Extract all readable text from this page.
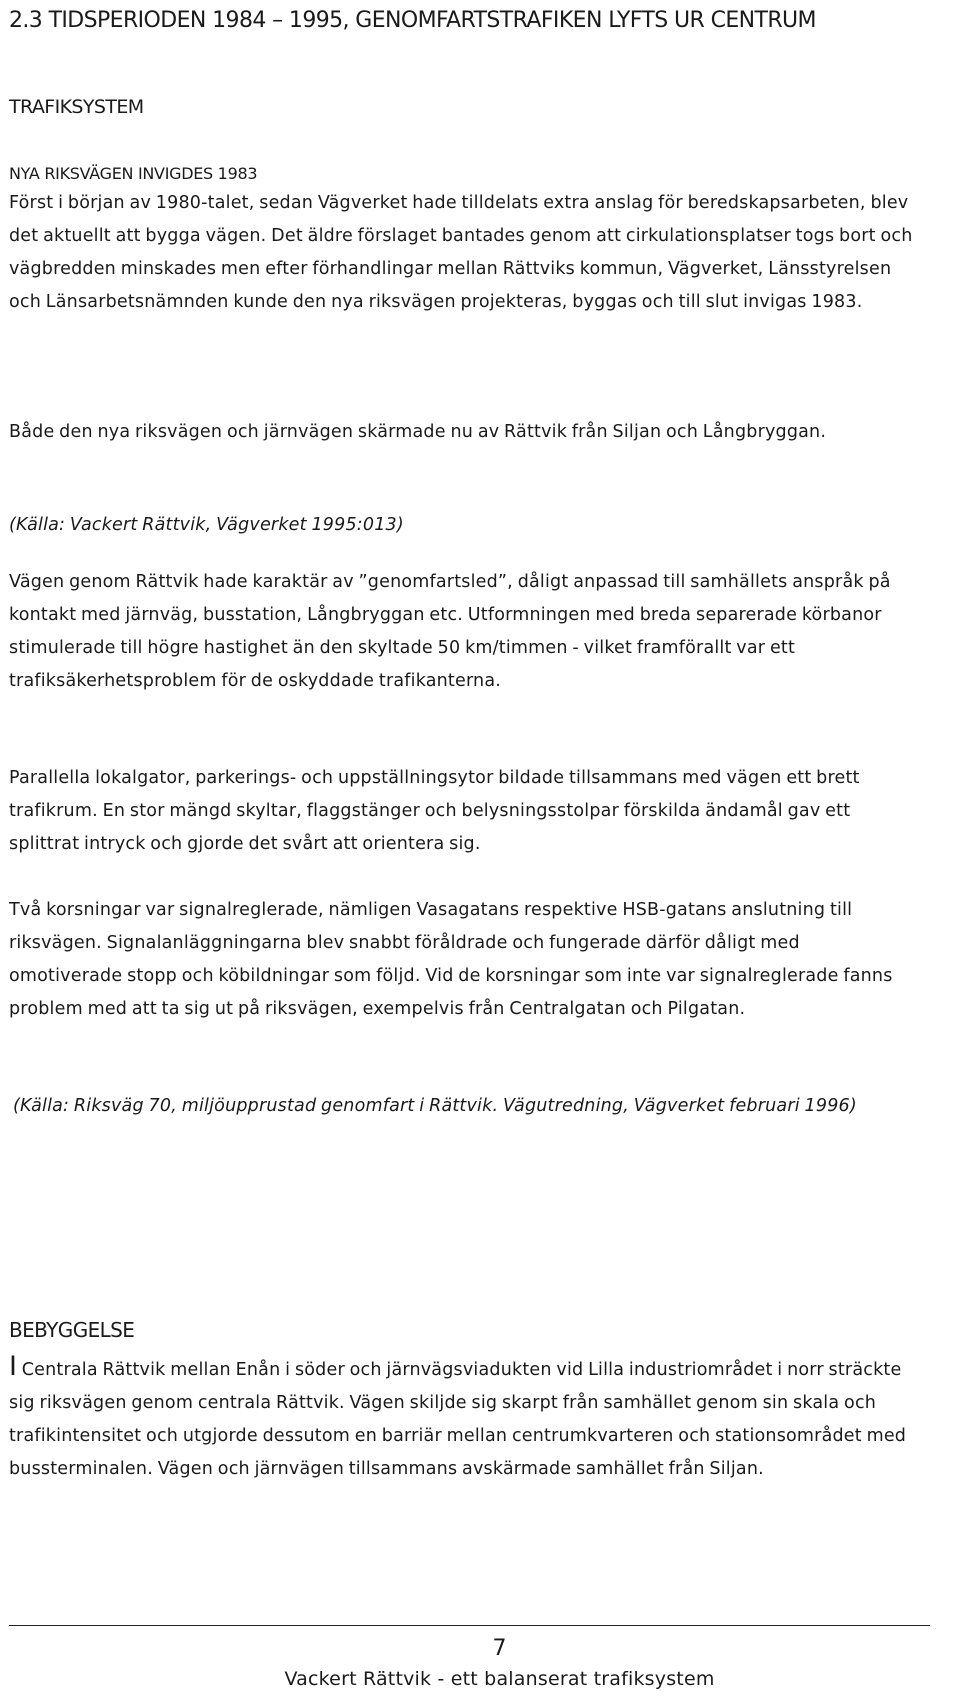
2.3 TIDSPERIODEN 1984 – 1995, GENOMFARTSTRAFIKEN LYFTS UR CENTRUM
TRAFIKSYSTEM
NYA RIKSVÄGEN INVIGDES 1983

Först i början av 1980-talet, sedan Vägverket hade tilldelats extra anslag för beredskapsarbeten, blev det aktuellt att bygga vägen. Det äldre förslaget bantades genom att cirkulationsplatser togs bort och vägbredden minskades men efter förhandlingar mellan Rättviks kommun, Vägverket, Länsstyrelsen och Länsarbetsnämnden kunde den nya riksvägen projekteras, byggas och till slut invigas 1983.

Både den nya riksvägen och järnvägen skärmade nu av Rättvik från Siljan och Långbryggan.

(Källa: Vackert Rättvik, Vägverket 1995:013)

Vägen genom Rättvik hade karaktär av ”genomfartsled”, dåligt anpassad till samhällets anspråk på kontakt med järnväg, busstation, Långbryggan etc. Utformningen med breda separerade körbanor stimulerade till högre hastighet än den skyltade 50 km/timmen - vilket framförallt var ett trafiksäkerhetsproblem för de oskyddade trafikanterna.

Parallella lokalgator, parkerings- och uppställningsytor bildade tillsammans med vägen ett brett trafikrum. En stor mängd skyltar, flaggstänger och belysningsstolpar förskilda ändamål gav ett splittrat intryck och gjorde det svårt att orientera sig.

Två korsningar var signalreglerade, nämligen Vasagatans respektive HSB-gatans anslutning till riksvägen. Signalanläggningarna blev snabbt föråldrade och fungerade därför dåligt med omotiverade stopp och köbildningar som följd. Vid de korsningar som inte var signalreglerade fanns problem med att ta sig ut på riksvägen, exempelvis från Centralgatan och Pilgatan.

(Källa: Riksväg 70, miljöupprustad genomfart i Rättvik. Vägutredning, Vägverket februari 1996)

BEBYGGELSE

I Centrala Rättvik mellan Enån i söder och järnvägsviadukten vid Lilla industriområdet i norr sträckte sig riksvägen genom centrala Rättvik. Vägen skiljde sig skarpt från samhället genom sin skala och trafikintensitet och utgjorde dessutom en barriär mellan centrumkvarteren och stationsområdet med bussterminalen. Vägen och järnvägen tillsammans avskärmade samhället från Siljan.

7

Vackert Rättvik - ett balanserat trafiksystem
